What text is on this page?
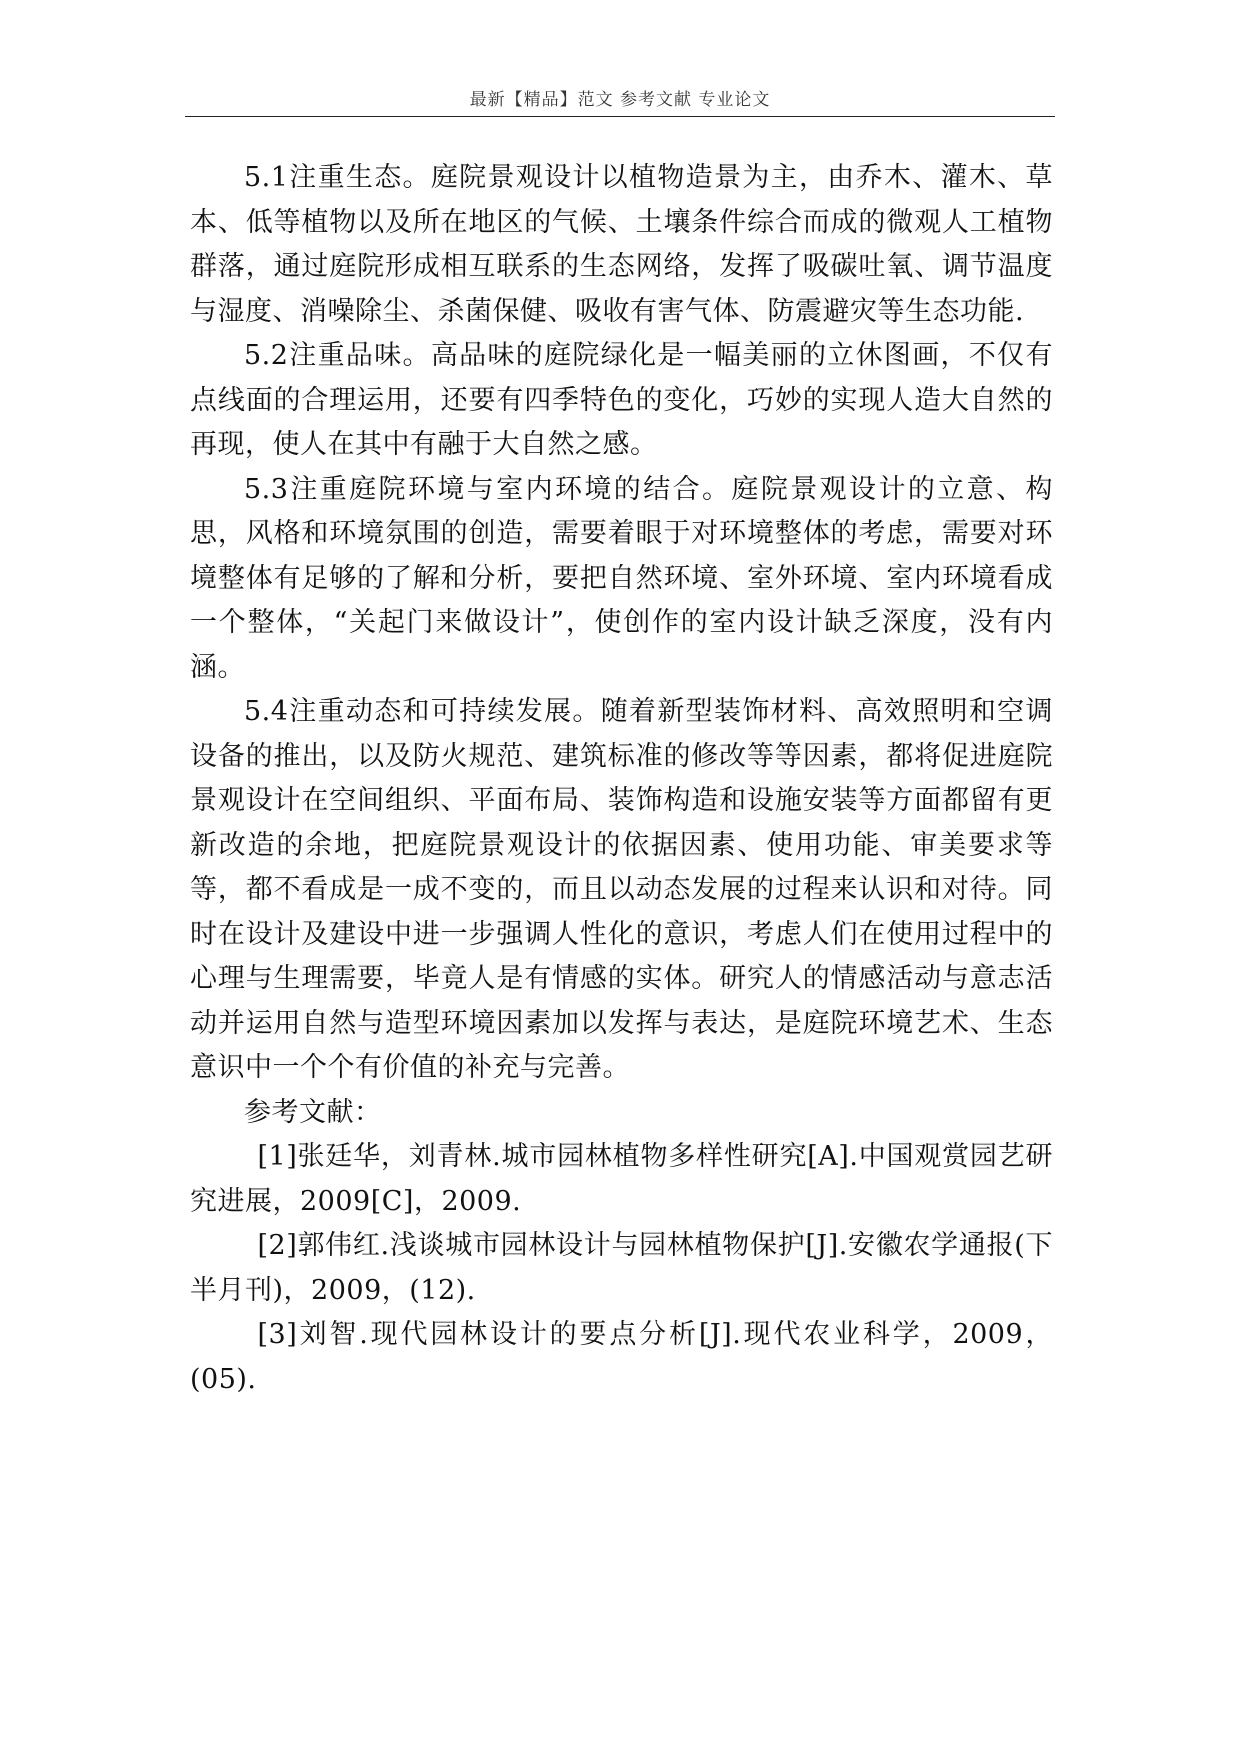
最新【精品】范文 参考文献 专业论文

5.1注重生态。庭院景观设计以植物造景为主，由乔木、灌木、草本、低等植物以及所在地区的气候、土壤条件综合而成的微观人工植物群落，通过庭院形成相互联系的生态网络，发挥了吸碳吐氧、调节温度与湿度、消噪除尘、杀菌保健、吸收有害气体、防震避灾等生态功能.

5.2注重品味。高品味的庭院绿化是一幅美丽的立休图画，不仅有点线面的合理运用，还要有四季特色的变化，巧妙的实现人造大自然的再现，使人在其中有融于大自然之感。

5.3注重庭院环境与室内环境的结合。庭院景观设计的立意、构思，风格和环境氛围的创造，需要着眼于对环境整体的考虑，需要对环境整体有足够的了解和分析，要把自然环境、室外环境、室内环境看成一个整体，“关起门来做设计”，使创作的室内设计缺乏深度，没有内涵。

5.4注重动态和可持续发展。随着新型装饰材料、高效照明和空调设备的推出，以及防火规范、建筑标准的修改等等因素，都将促进庭院景观设计在空间组织、平面布局、装饰构造和设施安装等方面都留有更新改造的余地，把庭院景观设计的依据因素、使用功能、审美要求等等，都不看成是一成不变的，而且以动态发展的过程来认识和对待。同时在设计及建设中进一步强调人性化的意识，考虑人们在使用过程中的心理与生理需要，毕竟人是有情感的实体。研究人的情感活动与意志活动并运用自然与造型环境因素加以发挥与表达，是庭院环境艺术、生态意识中一个个有价值的补充与完善。

参考文献：

[1]张廷华，刘青林.城市园林植物多样性研究[A].中国观赏园艺研究进展，2009[C]，2009.

[2]郭伟红.浅谈城市园林设计与园林植物保护[J].安徽农学通报(下半月刊)，2009，(12).

[3]刘智.现代园林设计的要点分析[J].现代农业科学，2009，(05).
